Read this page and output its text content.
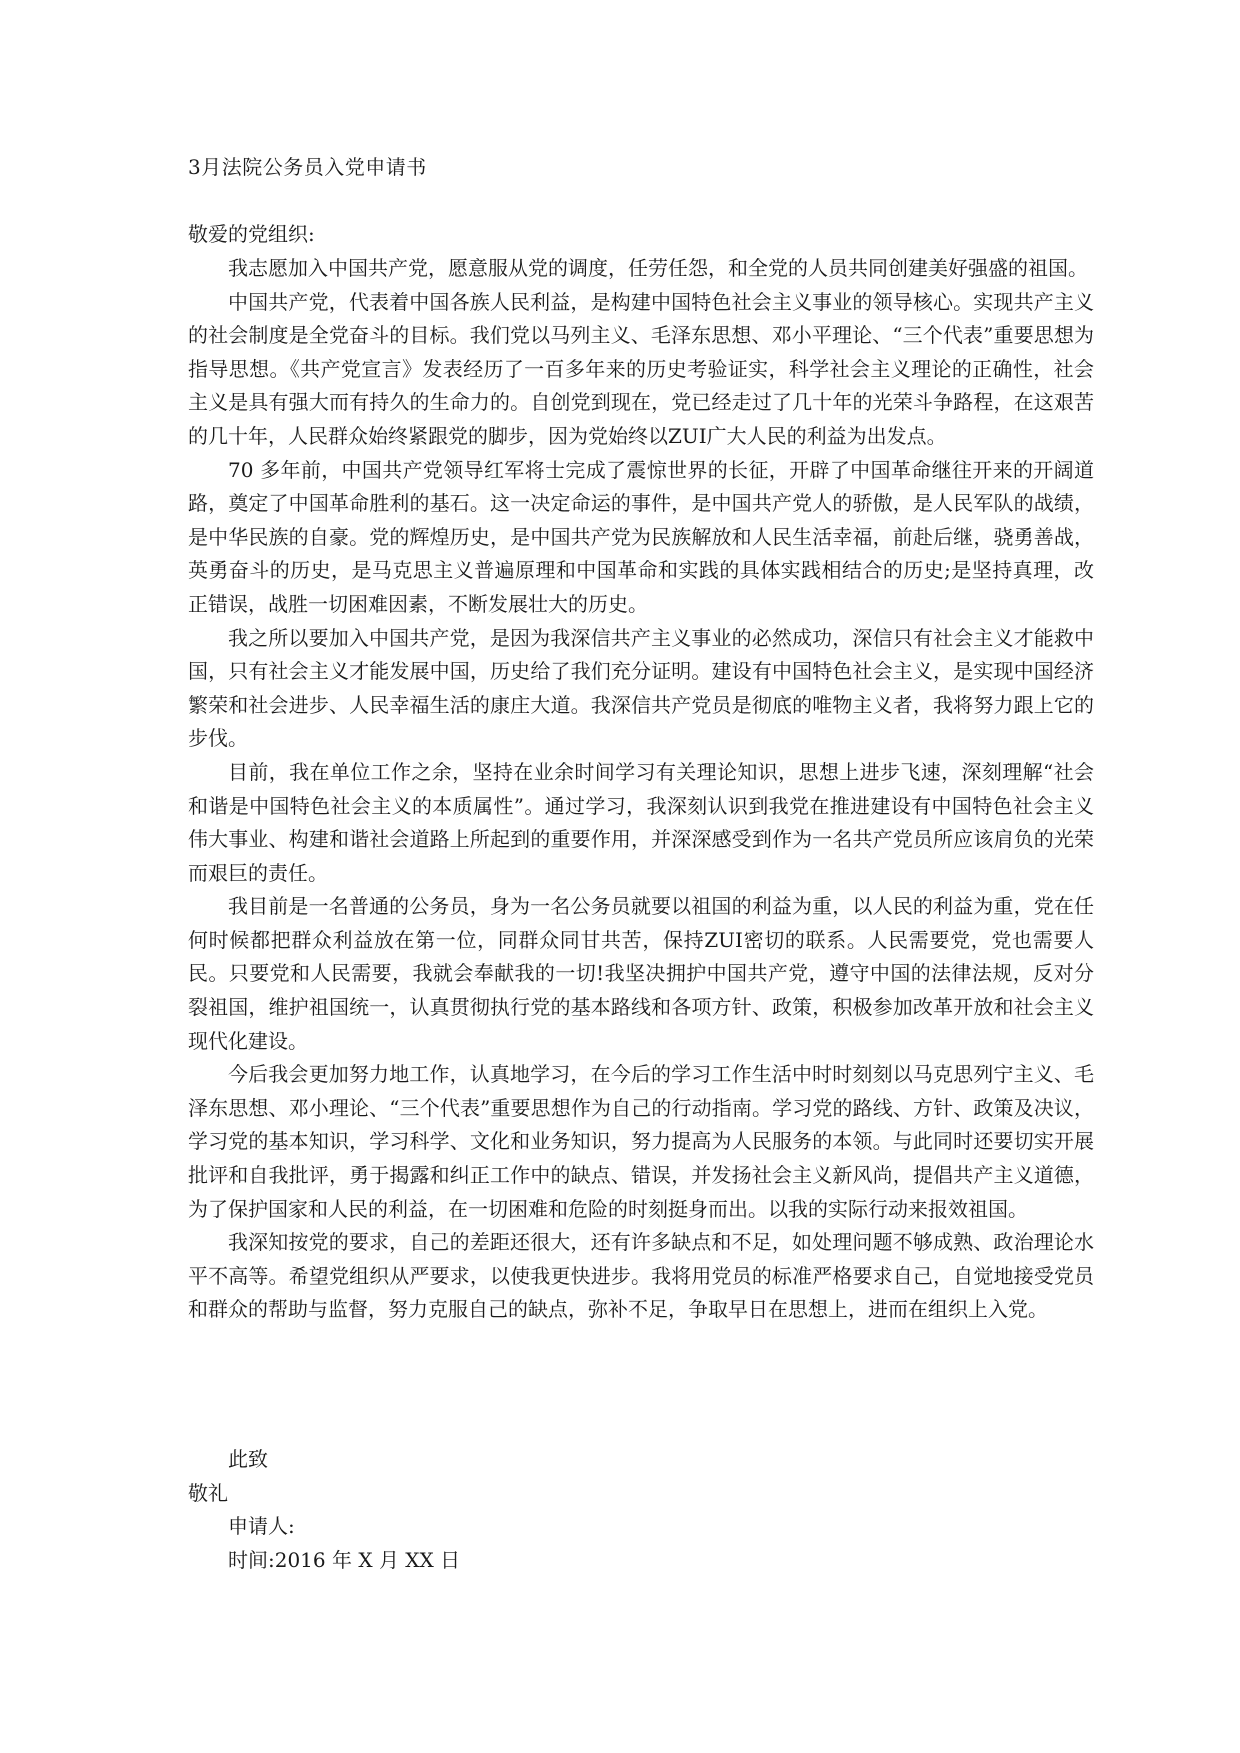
3月法院公务员入党申请书

敬爱的党组织:

我志愿加入中国共产党，愿意服从党的调度，任劳任怨，和全党的人员共同创建美好强盛的祖国。

中国共产党，代表着中国各族人民利益，是构建中国特色社会主义事业的领导核心。实现共产主义的社会制度是全党奋斗的目标。我们党以马列主义、毛泽东思想、邓小平理论、“三个代表”重要思想为指导思想。《共产党宣言》发表经历了一百多年来的历史考验证实，科学社会主义理论的正确性，社会主义是具有强大而有持久的生命力的。自创党到现在，党已经走过了几十年的光荣斗争路程，在这艰苦的几十年，人民群众始终紧跟党的脚步，因为党始终以ZUI广大人民的利益为出发点。

70 多年前，中国共产党领导红军将士完成了震惊世界的长征，开辟了中国革命继往开来的开阔道路，奠定了中国革命胜利的基石。这一决定命运的事件，是中国共产党人的骄傲，是人民军队的战绩，是中华民族的自豪。党的辉煌历史，是中国共产党为民族解放和人民生活幸福，前赴后继，骁勇善战，英勇奋斗的历史，是马克思主义普遍原理和中国革命和实践的具体实践相结合的历史;是坚持真理，改正错误，战胜一切困难因素，不断发展壮大的历史。

我之所以要加入中国共产党，是因为我深信共产主义事业的必然成功，深信只有社会主义才能救中国，只有社会主义才能发展中国，历史给了我们充分证明。建设有中国特色社会主义，是实现中国经济繁荣和社会进步、人民幸福生活的康庄大道。我深信共产党员是彻底的唯物主义者，我将努力跟上它的步伐。

目前，我在单位工作之余，坚持在业余时间学习有关理论知识，思想上进步飞速，深刻理解“社会和谐是中国特色社会主义的本质属性”。通过学习，我深刻认识到我党在推进建设有中国特色社会主义伟大事业、构建和谐社会道路上所起到的重要作用，并深深感受到作为一名共产党员所应该肩负的光荣而艰巨的责任。

我目前是一名普通的公务员，身为一名公务员就要以祖国的利益为重，以人民的利益为重，党在任何时候都把群众利益放在第一位，同群众同甘共苦，保持ZUI密切的联系。人民需要党，党也需要人民。只要党和人民需要，我就会奉献我的一切!我坚决拥护中国共产党，遵守中国的法律法规，反对分裂祖国，维护祖国统一，认真贯彻执行党的基本路线和各项方针、政策，积极参加改革开放和社会主义现代化建设。

今后我会更加努力地工作，认真地学习，在今后的学习工作生活中时时刻刻以马克思列宁主义、毛泽东思想、邓小理论、“三个代表”重要思想作为自己的行动指南。学习党的路线、方针、政策及决议，学习党的基本知识，学习科学、文化和业务知识，努力提高为人民服务的本领。与此同时还要切实开展批评和自我批评，勇于揭露和纠正工作中的缺点、错误，并发扬社会主义新风尚，提倡共产主义道德，为了保护国家和人民的利益，在一切困难和危险的时刻挺身而出。以我的实际行动来报效祖国。

我深知按党的要求，自己的差距还很大，还有许多缺点和不足，如处理问题不够成熟、政治理论水平不高等。希望党组织从严要求，以使我更快进步。我将用党员的标准严格要求自己，自觉地接受党员和群众的帮助与监督，努力克服自己的缺点，弥补不足，争取早日在思想上，进而在组织上入党。

此致

敬礼

申请人:

时间:2016 年 X 月 XX 日
